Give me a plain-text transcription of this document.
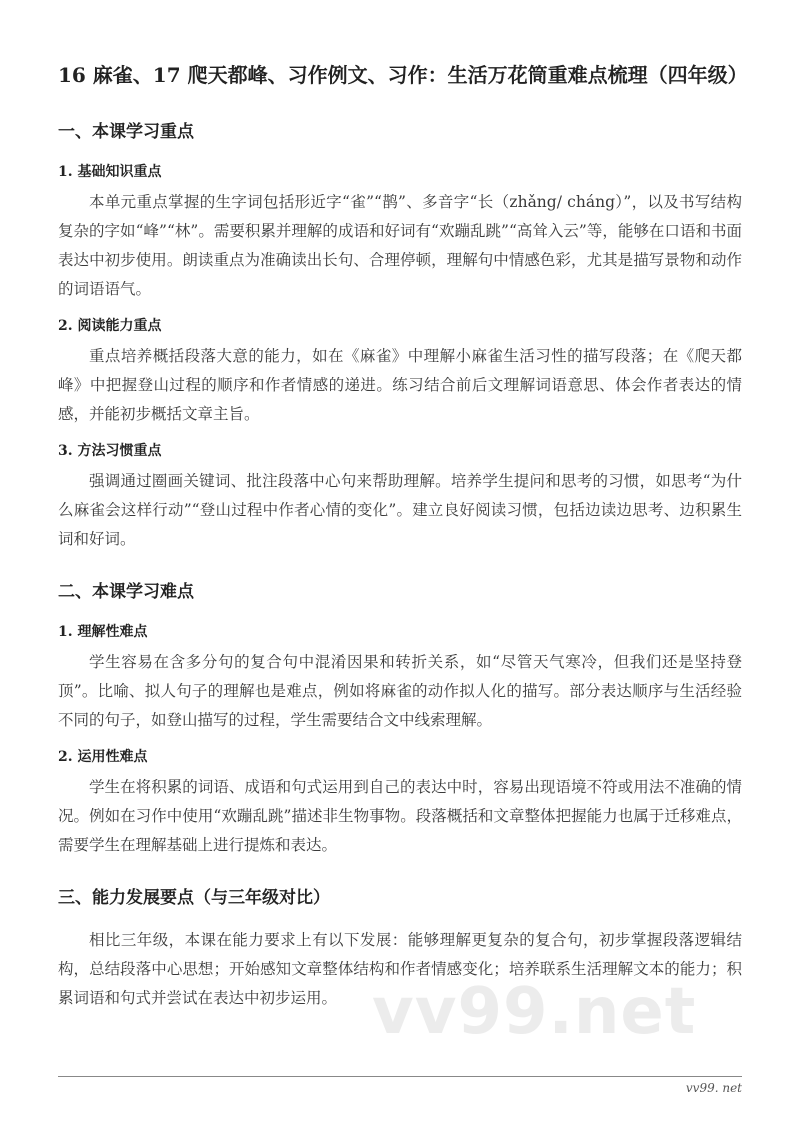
16 麻雀、17 爬天都峰、习作例文、习作：生活万花筒重难点梳理（四年级）
一、本课学习重点
1. 基础知识重点

本单元重点掌握的生字词包括形近字“雀”“鹊”、多音字“长（zhǎng/ cháng）”，以及书写结构复杂的字如“峰”“林”。需要积累并理解的成语和好词有“欢蹦乱跳”“高耸入云”等，能够在口语和书面表达中初步使用。朗读重点为准确读出长句、合理停顿，理解句中情感色彩，尤其是描写景物和动作的词语语气。

2. 阅读能力重点

重点培养概括段落大意的能力，如在《麻雀》中理解小麻雀生活习性的描写段落；在《爬天都峰》中把握登山过程的顺序和作者情感的递进。练习结合前后文理解词语意思、体会作者表达的情感，并能初步概括文章主旨。

3. 方法习惯重点

强调通过圈画关键词、批注段落中心句来帮助理解。培养学生提问和思考的习惯，如思考“为什么麻雀会这样行动”“登山过程中作者心情的变化”。建立良好阅读习惯，包括边读边思考、边积累生词和好词。

二、本课学习难点
1. 理解性难点

学生容易在含多分句的复合句中混淆因果和转折关系，如“尽管天气寒冷，但我们还是坚持登顶”。比喻、拟人句子的理解也是难点，例如将麻雀的动作拟人化的描写。部分表达顺序与生活经验不同的句子，如登山描写的过程，学生需要结合文中线索理解。

2. 运用性难点

学生在将积累的词语、成语和句式运用到自己的表达中时，容易出现语境不符或用法不准确的情况。例如在习作中使用“欢蹦乱跳”描述非生物事物。段落概括和文章整体把握能力也属于迁移难点，需要学生在理解基础上进行提炼和表达。

三、能力发展要点（与三年级对比）

相比三年级，本课在能力要求上有以下发展：能够理解更复杂的复合句，初步掌握段落逻辑结构，总结段落中心思想；开始感知文章整体结构和作者情感变化；培养联系生活理解文本的能力；积累词语和句式并尝试在表达中初步运用。 vv99.net
vv99. net
